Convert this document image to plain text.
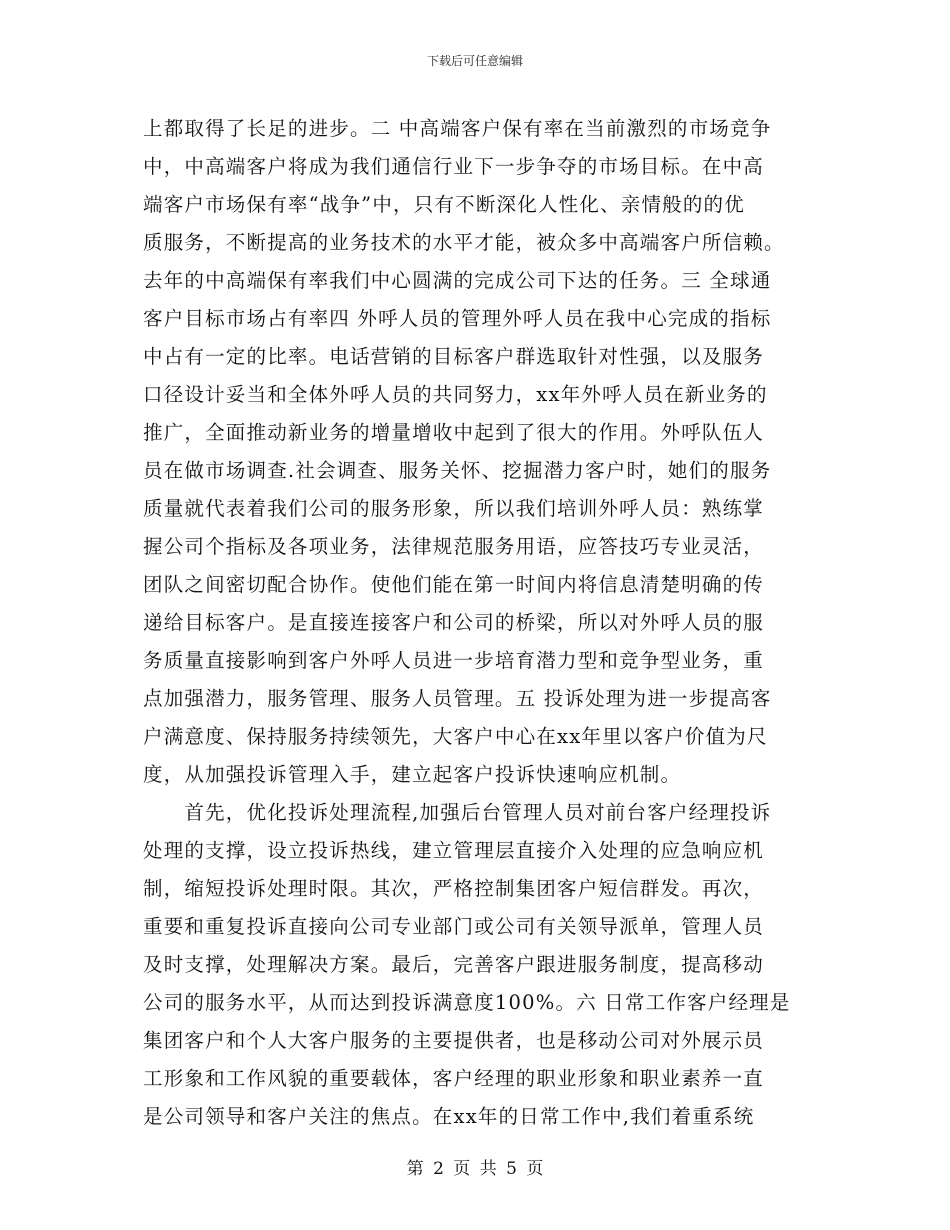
下载后可任意编辑
上都取得了长足的进步。二 中高端客户保有率在当前激烈的市场竞争
中，中高端客户将成为我们通信行业下一步争夺的市场目标。在中高
端客户市场保有率“战争”中，只有不断深化人性化、亲情般的的优
质服务，不断提高的业务技术的水平才能，被众多中高端客户所信赖。
去年的中高端保有率我们中心圆满的完成公司下达的任务。三 全球通
客户目标市场占有率四 外呼人员的管理外呼人员在我中心完成的指标
中占有一定的比率。电话营销的目标客户群选取针对性强，以及服务
口径设计妥当和全体外呼人员的共同努力，xx年外呼人员在新业务的
推广，全面推动新业务的增量增收中起到了很大的作用。外呼队伍人
员在做市场调查.社会调查、服务关怀、挖掘潜力客户时，她们的服务
质量就代表着我们公司的服务形象，所以我们培训外呼人员：熟练掌
握公司个指标及各项业务，法律规范服务用语，应答技巧专业灵活，
团队之间密切配合协作。使他们能在第一时间内将信息清楚明确的传
递给目标客户。是直接连接客户和公司的桥梁，所以对外呼人员的服
务质量直接影响到客户外呼人员进一步培育潜力型和竞争型业务，重
点加强潜力，服务管理、服务人员管理。五 投诉处理为进一步提高客
户满意度、保持服务持续领先，大客户中心在xx年里以客户价值为尺
度，从加强投诉管理入手，建立起客户投诉快速响应机制。
　　首先，优化投诉处理流程,加强后台管理人员对前台客户经理投诉
处理的支撑，设立投诉热线，建立管理层直接介入处理的应急响应机
制，缩短投诉处理时限。其次，严格控制集团客户短信群发。再次，
重要和重复投诉直接向公司专业部门或公司有关领导派单，管理人员
及时支撑，处理解决方案。最后，完善客户跟进服务制度，提高移动
公司的服务水平，从而达到投诉满意度100%。六 日常工作客户经理是
集团客户和个人大客户服务的主要提供者，也是移动公司对外展示员
工形象和工作风貌的重要载体，客户经理的职业形象和职业素养一直
是公司领导和客户关注的焦点。在xx年的日常工作中,我们着重系统
第 2 页 共 5 页
